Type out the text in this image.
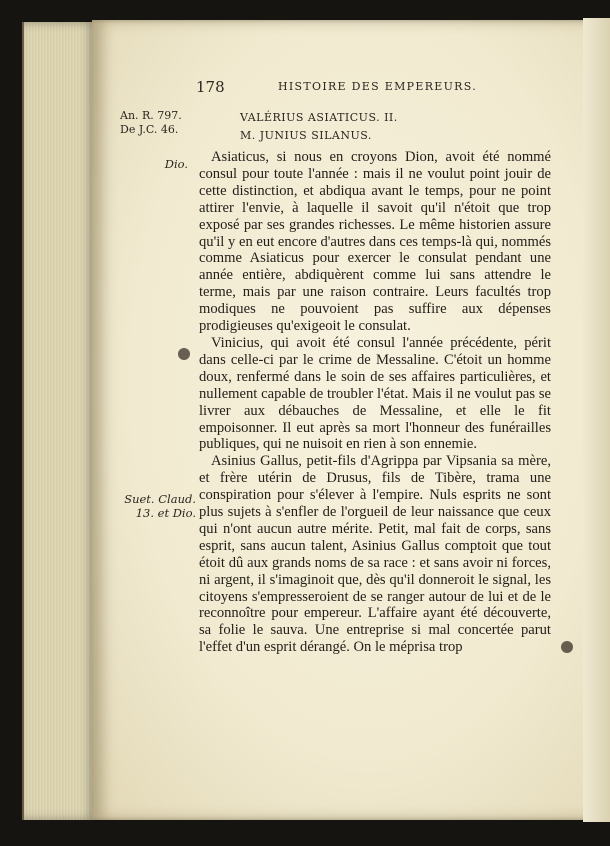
178	HISTOIRE DES EMPEREURS.
An. R. 797.
De J.C. 46.
VALÉRIUS ASIATICUS. II.
M. JUNIUS SILANUS.
Dio.
Suet. Claud.
13. et Dio.

Asiaticus, si nous en croyons Dion, avoit été nommé consul pour toute l'année : mais il ne voulut point jouir de cette distinction, et abdiqua avant le temps, pour ne point attirer l'envie, à laquelle il savoit qu'il n'étoit que trop exposé par ses grandes richesses. Le même historien assure qu'il y en eut encore d'autres dans ces temps-là qui, nommés comme Asiaticus pour exercer le consulat pendant une année entière, abdiquèrent comme lui sans attendre le terme, mais par une raison contraire. Leurs facultés trop modiques ne pouvoient pas suffire aux dépenses prodigieuses qu'exigeoit le consulat.

Vinicius, qui avoit été consul l'année précédente, périt dans celle-ci par le crime de Messaline. C'étoit un homme doux, renfermé dans le soin de ses affaires particulières, et nullement capable de troubler l'état. Mais il ne voulut pas se livrer aux débauches de Messaline, et elle le fit empoisonner. Il eut après sa mort l'honneur des funérailles publiques, qui ne nuisoit en rien à son ennemie.

Asinius Gallus, petit-fils d'Agrippa par Vipsania sa mère, et frère utérin de Drusus, fils de Tibère, trama une conspiration pour s'élever à l'empire. Nuls esprits ne sont plus sujets à s'enfler de l'orgueil de leur naissance que ceux qui n'ont aucun autre mérite. Petit, mal fait de corps, sans esprit, sans aucun talent, Asinius Gallus comptoit que tout étoit dû aux grands noms de sa race : et sans avoir ni forces, ni argent, il s'imaginoit que, dès qu'il donneroit le signal, les citoyens s'empresseroient de se ranger autour de lui et de le reconnoître pour empereur. L'affaire ayant été découverte, sa folie le sauva. Une entreprise si mal concertée parut l'effet d'un esprit dérangé. On le méprisa trop
